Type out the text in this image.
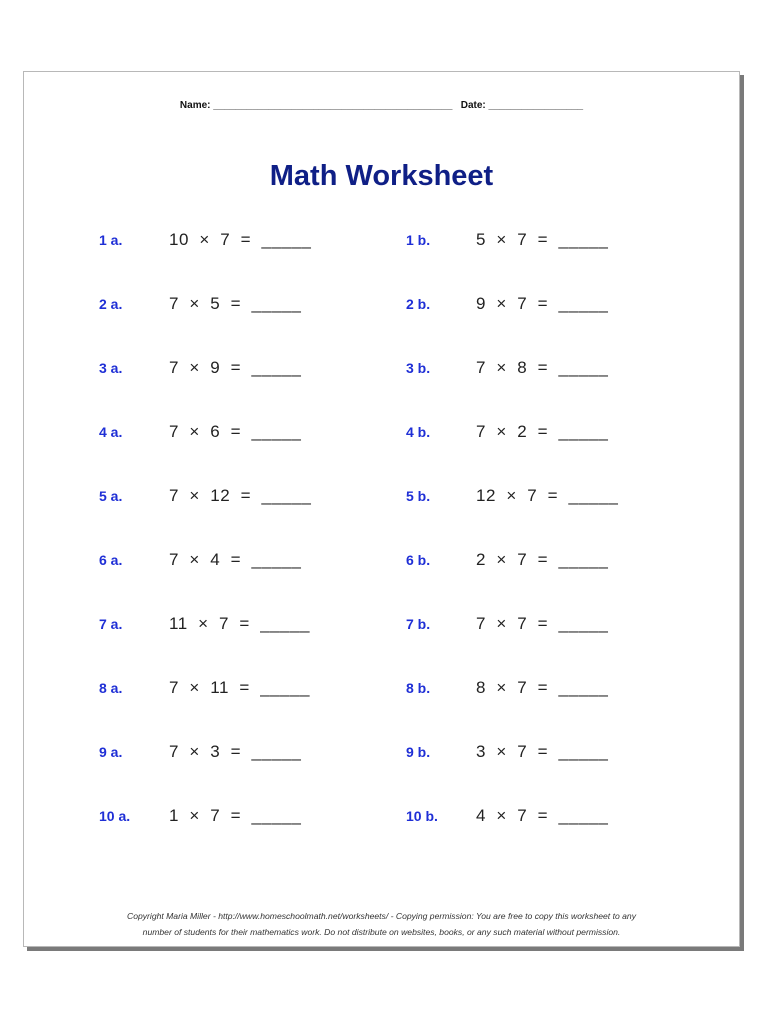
Name: ___________________________________________   Date: _________________
Math Worksheet
1 a.	10  ×  7  =  _____	1 b.	5  ×  7  =  _____
2 a.	7  ×  5  =  _____	2 b.	9  ×  7  =  _____
3 a.	7  ×  9  =  _____	3 b.	7  ×  8  =  _____
4 a.	7  ×  6  =  _____	4 b.	7  ×  2  =  _____
5 a.	7  ×  12  =  _____	5 b.	12  ×  7  =  _____
6 a.	7  ×  4  =  _____	6 b.	2  ×  7  =  _____
7 a.	11  ×  7  =  _____	7 b.	7  ×  7  =  _____
8 a.	7  ×  11  =  _____	8 b.	8  ×  7  =  _____
9 a.	7  ×  3  =  _____	9 b.	3  ×  7  =  _____
10 a. 1  ×  7  =  _____	10 b. 4  ×  7  =  _____
Copyright Maria Miller - http://www.homeschoolmath.net/worksheets/ - Copying permission: You are free to copy this worksheet to any
number of students for their mathematics work. Do not distribute on websites, books, or any such material without permission.
